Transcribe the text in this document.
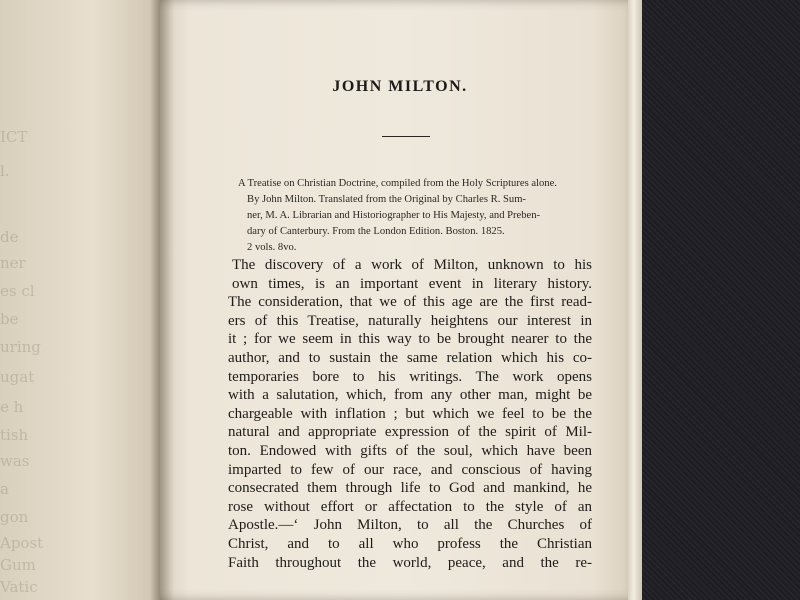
ICT
l.
de
ner
es cl
be
uring
ugat
e h
tish
was
a
gon
Apost
Gum
Vatic
JOHN MILTON.
A Treatise on Christian Doctrine, compiled from the Holy Scriptures alone.
By John Milton. Translated from the Original by Charles R. Sum-
ner, M. A. Librarian and Historiographer to His Majesty, and Preben-
dary of Canterbury. From the London Edition. Boston. 1825.
2 vols. 8vo.
The discovery of a work of Milton, unknown to his
own times, is an important event in literary history.
The consideration, that we of this age are the first read-
ers of this Treatise, naturally heightens our interest in
it ; for we seem in this way to be brought nearer to the
author, and to sustain the same relation which his co-
temporaries bore to his writings. The work opens
with a salutation, which, from any other man, might be
chargeable with inflation ; but which we feel to be the
natural and appropriate expression of the spirit of Mil-
ton. Endowed with gifts of the soul, which have been
imparted to few of our race, and conscious of having
consecrated them through life to God and mankind, he
rose without effort or affectation to the style of an
Apostle.—‘ John Milton, to all the Churches of
Christ, and to all who profess the Christian
Faith throughout the world, peace, and the re-
